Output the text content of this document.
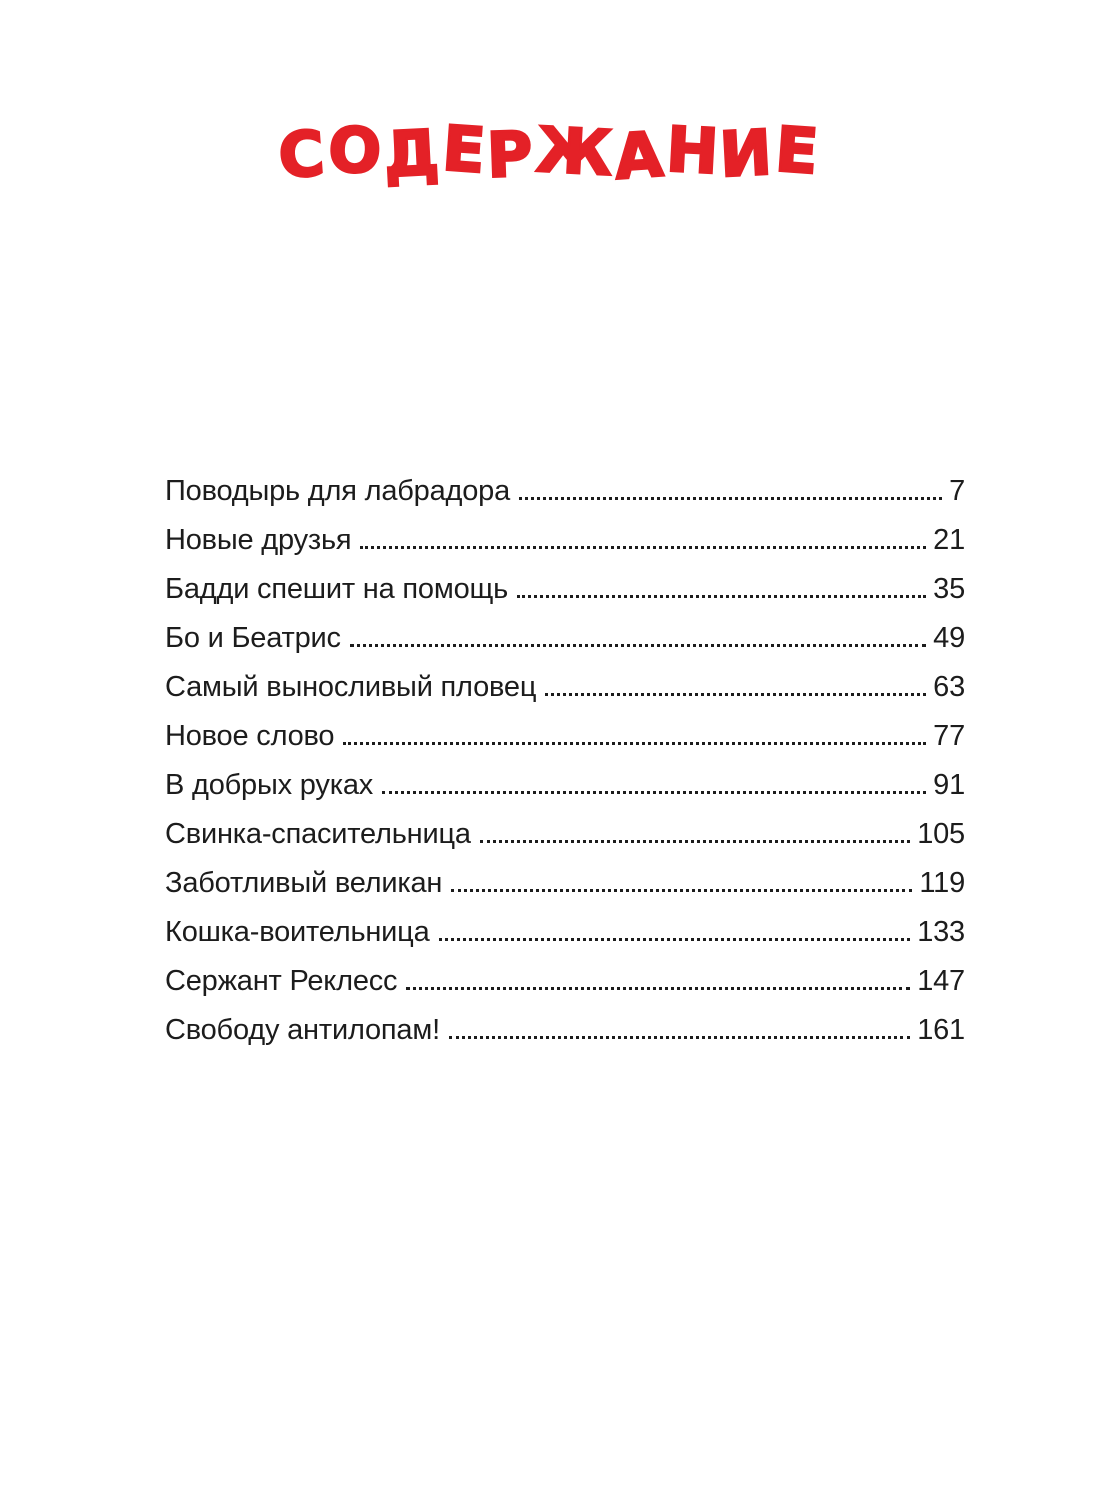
СОДЕРЖАНИЕ
Поводырь для лабрадора	7
Новые друзья	21
Бадди спешит на помощь	35
Бо и Беатрис	49
Самый выносливый пловец	63
Новое слово	77
В добрых руках	91
Свинка-спасительница	105
Заботливый великан	119
Кошка-воительница	133
Сержант Реклесс	147
Свободу антилопам!	161
